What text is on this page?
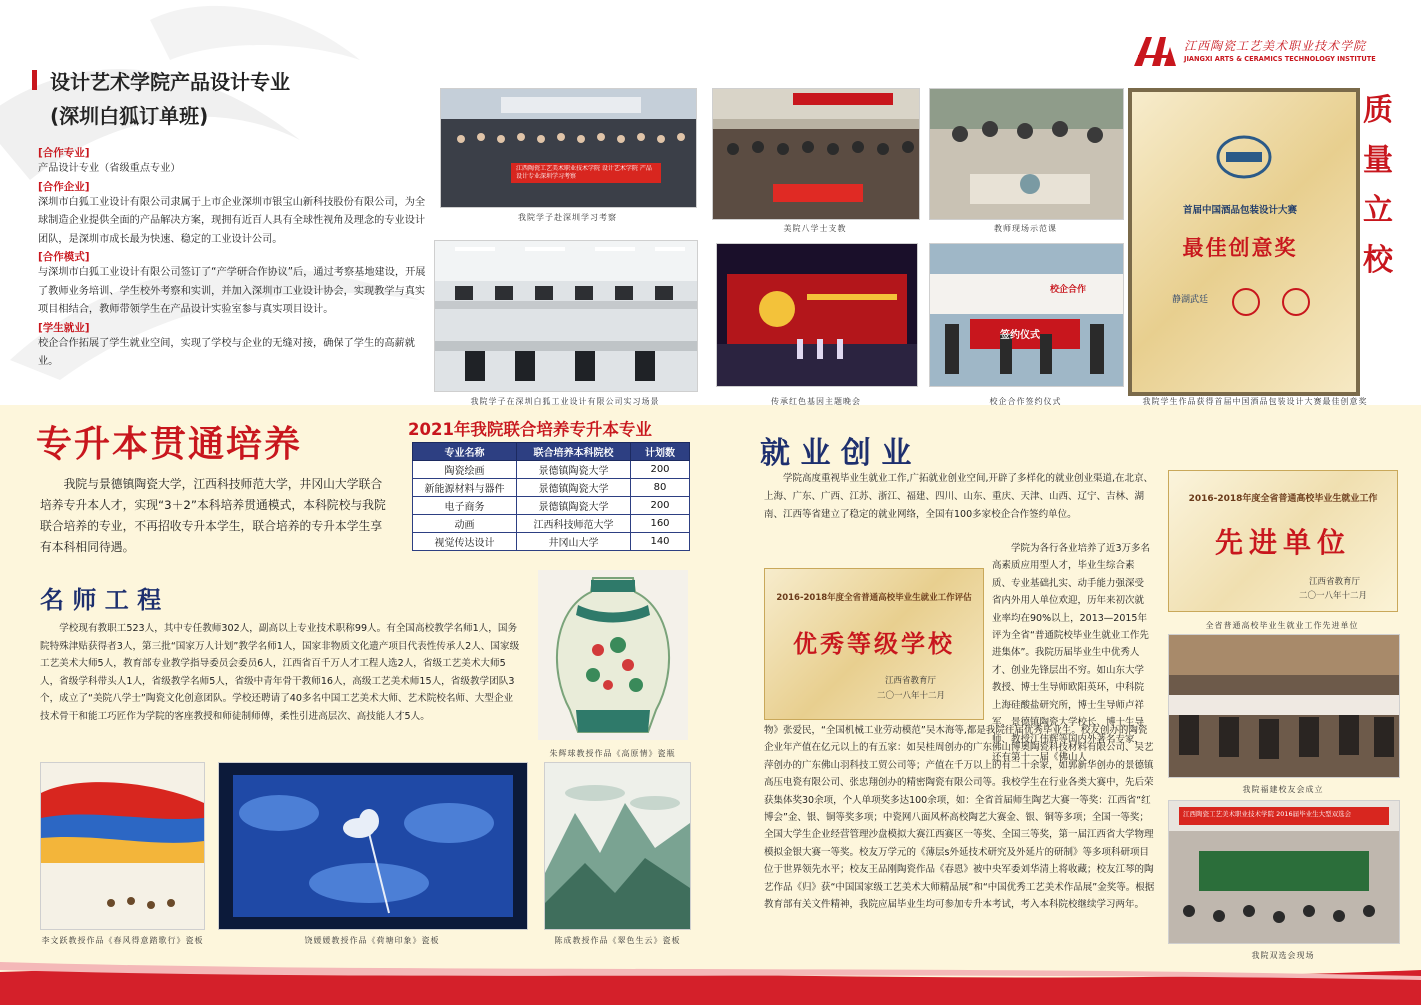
江西陶瓷工艺美术职业技术学院
JIANGXI ARTS & CERAMICS TECHNOLOGY INSTITUTE
设计艺术学院产品设计专业
(深圳白狐订单班)
[合作专业]
产品设计专业（省级重点专业）
[合作企业]
深圳市白狐工业设计有限公司隶属于上市企业深圳市银宝山新科技股份有限公司，为全球制造企业提供全面的产品解决方案，现拥有近百人具有全球性视角及理念的专业设计团队，是深圳市成长最为快速、稳定的工业设计公司。
[合作模式]
与深圳市白狐工业设计有限公司签订了“产学研合作协议”后，通过考察基地建设，开展了教师业务培训、学生校外考察和实训，并加入深圳市工业设计协会，实现教学与真实项目相结合，教师带领学生在产品设计实验室参与真实项目设计。
[学生就业]
校企合作拓展了学生就业空间，实现了学校与企业的无缝对接，确保了学生的高薪就业。
江西陶瓷工艺美术职业技术学院 设计艺术学院 产品设计专业深圳学习考察
我院学子赴深圳学习考察
美院八学士支教	教师现场示范课
我院学子在深圳白狐工业设计有限公司实习场景	传承红色基因主题晚会
校企合作
签约仪式
校企合作签约仪式
首届中国酒品包装设计大赛
最佳创意奖
静湖武廷
我院学生作品获得首届中国酒品包装设计大赛最佳创意奖
质
量
立
校
专升本贯通培养
我院与景德镇陶瓷大学，江西科技师范大学，井冈山大学联合培养专升本人才，实现“3＋2”本科培养贯通模式，本科院校与我院联合培养的专业，不再招收专升本学生，联合培养的专升本学生享有本科相同待遇。
2021年我院联合培养专升本专业
专业名称	联合培养本科院校	计划数
陶瓷绘画	景德镇陶瓷大学	200
新能源材料与器件	景德镇陶瓷大学	80
电子商务	景德镇陶瓷大学	200
动画	江西科技师范大学	160
视觉传达设计	井冈山大学	140
名 师 工 程
学校现有教职工523人，其中专任教师302人，副高以上专业技术职称99人。有全国高校教学名师1人，国务院特殊津贴获得者3人，第三批“国家万人计划”教学名师1人，国家非物质文化遗产项目代表性传承人2人、国家级工艺美术大师5人，教育部专业教学指导委员会委员6人，江西省百千万人才工程人选2人，省级工艺美术大师5人，省级学科带头人1人，省级教学名师5人，省级中青年骨干教师16人，高级工艺美术师15人，省级教学团队3个，成立了“美院八学士”陶瓷文化创意团队。学校还聘请了40多名中国工艺美术大师、艺术院校名师、大型企业技术骨干和能工巧匠作为学院的客座教授和师徒制师傅，柔性引进高层次、高技能人才5人。
朱辉球教授作品《高原情》瓷瓶
李文跃教授作品《春风得意踏歌行》瓷板	饶媛媛教授作品《荷塘印象》瓷板	陈成教授作品《翠色生云》瓷板
就 业 创 业
学院高度重视毕业生就业工作,广拓就业创业空间,开辟了多样化的就业创业渠道,在北京、上海、广东、广西、江苏、浙江、福建、四川、山东、重庆、天津、山西、辽宁、吉林、湖南、江西等省建立了稳定的就业网络，全国有100多家校企合作签约单位。
2016-2018年度全省普通高校毕业生就业工作评估
优秀等级学校
江西省教育厅
二〇一八年十二月
学院为各行各业培养了近3万多名高素质应用型人才，毕业生综合素质、专业基础扎实、动手能力强深受省内外用人单位欢迎，历年来初次就业率均在90%以上，2013—2015年评为全省“普通院校毕业生就业工作先进集体”。我院历届毕业生中优秀人才、创业先锋层出不穷。如山东大学教授、博士生导师欧阳英环，中科院上海硅酸盐研究所，博士生导师卢祥军，景德镇陶瓷大学校长、博士生导师、教授江伟辉等国内外著名专家，还有第十一届《佛山人
物》张爱民，“全国机械工业劳动模范”吴木海等,都是我院往届优秀毕业生。校友创办的陶瓷企业年产值在亿元以上的有五家：如吴桂周创办的广东佛山博奥陶瓷科技材料有限公司、吴艺萍创办的广东佛山羽科技工贸公司等；产值在千万以上的有二十余家，如郭新华创办的景德镇高压电瓷有限公司、张忠翔创办的精密陶瓷有限公司等。我校学生在行业各类大赛中，先后荣获集体奖30余项，个人单项奖多达100余项，如：全省首届师生陶艺大赛一等奖：江西省“红博会”金、银、铜等奖多项；中瓷网八面风杯高校陶艺大赛金、银、铜等多项；全国一等奖；全国大学生企业经营管理沙盘模拟大赛江西赛区一等奖、全国三等奖，第一届江西省大学物理模拟金银大赛一等奖。校友万学元的《薄层s外延技术研究及外延片的研制》等多项科研项目位于世界领先水平；校友王品刚陶瓷作品《春恩》被中央军委刘华清上将收藏；校友江琴的陶艺作品《归》获“中国国家级工艺美术大师精品展”和“中国优秀工艺美术作品展”金奖等。根据教育部有关文件精神，我院应届毕业生均可参加专升本考试，考入本科院校继续学习两年。
2016-2018年度全省普通高校毕业生就业工作
先进单位
江西省教育厅
二〇一八年十二月
全省普通高校毕业生就业工作先进单位
我院福建校友会成立
江西陶瓷工艺美术职业技术学院 2016届毕业生大型双选会
我院双选会现场
